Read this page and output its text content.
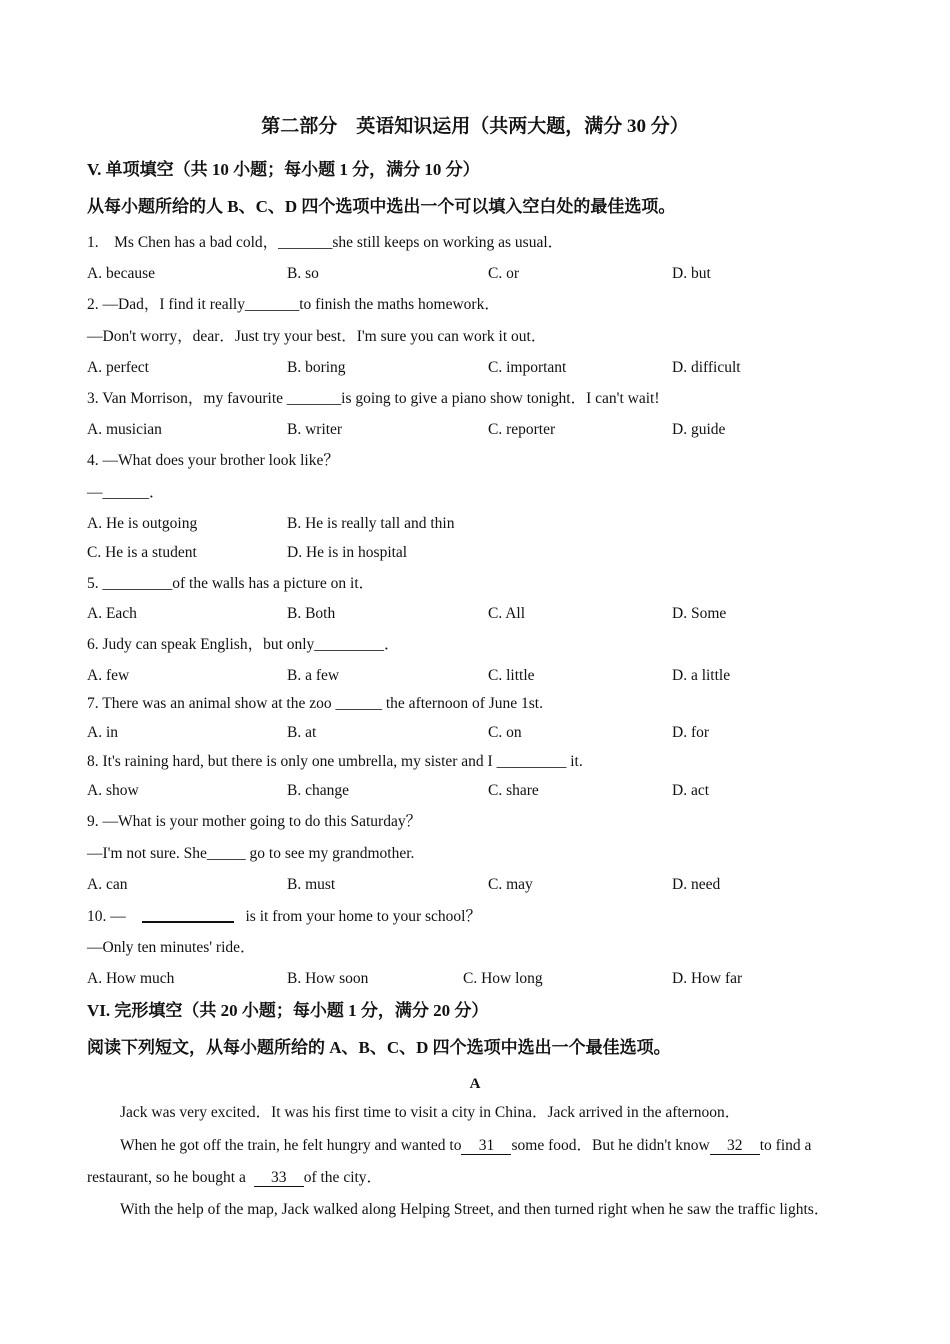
第二部分　英语知识运用（共两大题，满分 30 分）
V. 单项填空（共 10 小题；每小题 1 分，满分 10 分）
从每小题所给的人 B、C、D 四个选项中选出一个可以填入空白处的最佳选项。
1.　Ms Chen has a bad cold，_______she still keeps on working as usual．
A. because	B. so	C. or	D. but
2. —Dad，I find it really_______to finish the maths homework．
—Don't worry，dear．Just try your best．I'm sure you can work it out．
A. perfect	B. boring	C. important	D. difficult
3. Van Morrison，my favourite _______is going to give a piano show tonight．I can't wait!
A. musician	B. writer	C. reporter	D. guide
4. —What does your brother look like？
—______．
A. He is outgoing	B. He is really tall and thin
C. He is a student	D. He is in hospital
5. _________of the walls has a picture on it．
A. Each	B. Both	C. All	D. Some
6. Judy can speak English，but only_________．
A. few	B. a few	C. little	D. a little
7. There was an animal show at the zoo ______ the afternoon of June 1st.
A. in	B. at	C. on	D. for
8. It's raining hard, but there is only one umbrella, my sister and I _________ it.
A. show	B. change	C. share	D. act
9. —What is your mother going to do this Saturday？
—I'm not sure. She_____ go to see my grandmother.
A. can	B. must	C. may	D. need
10. —	is it from your home to your school？
—Only ten minutes' ride．
A. How much	B. How soon	C. How long	D. How far
VI. 完形填空（共 20 小题；每小题 1 分，满分 20 分）
阅读下列短文，从每小题所给的 A、B、C、D 四个选项中选出一个最佳选项。
A
Jack was very excited．It was his first time to visit a city in China．Jack arrived in the afternoon．
When he got off the train, he felt hungry and wanted to 31 some food．But he didn't know 32 to find a
restaurant, so he bought a 33 of the city．
With the help of the map, Jack walked along Helping Street, and then turned right when he saw the traffic lights．
